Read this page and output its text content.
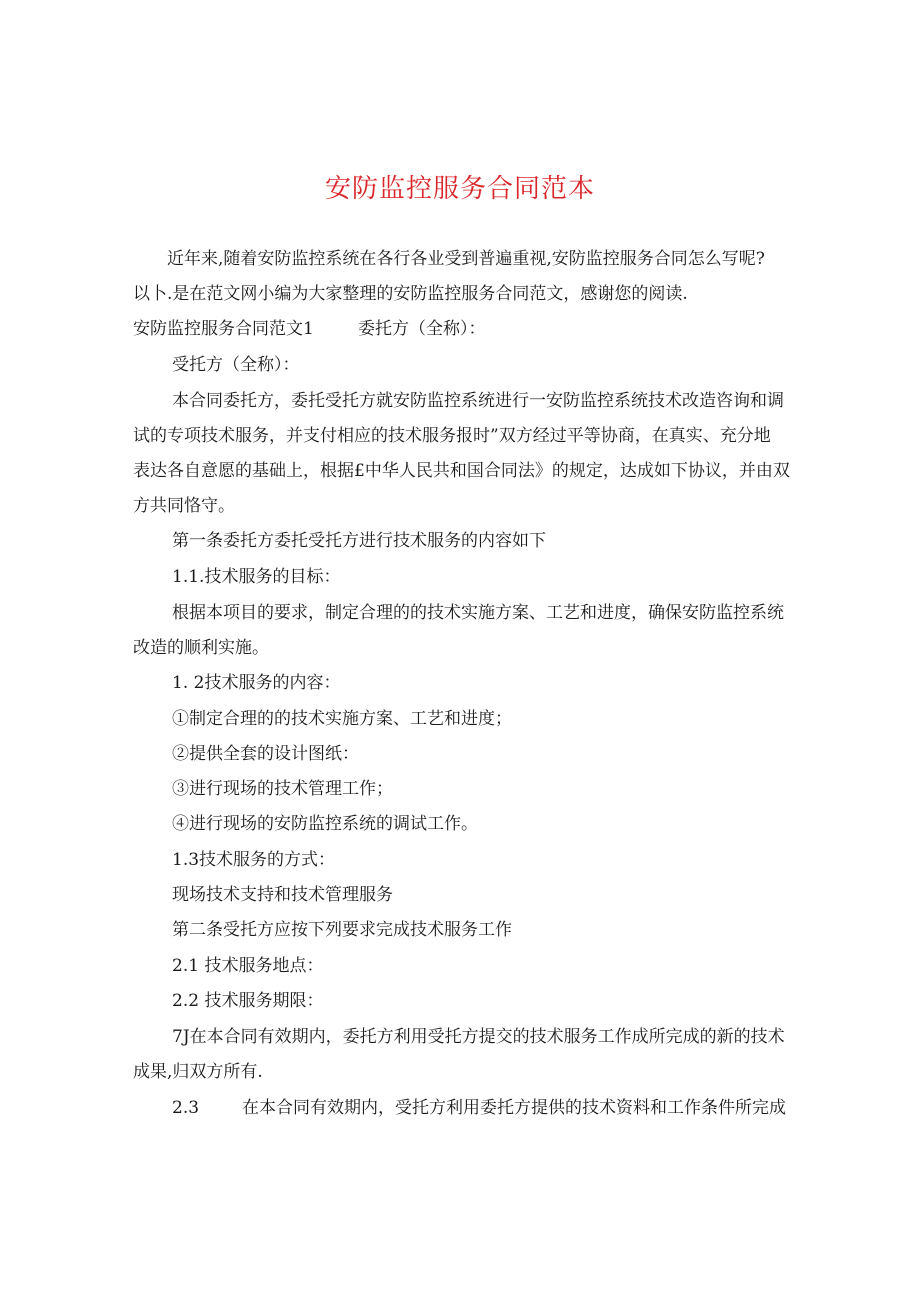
安防监控服务合同范本
近年来,随着安防监控系统在各行各业受到普遍重视,安防监控服务合同怎么写呢?
以卜.是在范文网小编为大家整理的安防监控服务合同范文，感谢您的阅读.
安防监控服务合同范文1	委托方（全称）：
受托方（全称）：
本合同委托方，委托受托方就安防监控系统进行一安防监控系统技术改造咨询和调
试的专项技术服务，并支付相应的技术服务报时”双方经过平等协商，在真实、充分地
表达各自意愿的基础上，根据£中华人民共和国合同法》的规定，达成如下协议，并由双
方共同恪守。
第一条委托方委托受托方进行技术服务的内容如下
1.1.技术服务的目标：
根据本项目的要求，制定合理的的技术实施方案、工艺和进度，确保安防监控系统
改造的顺利实施。
1. 2技术服务的内容：
①制定合理的的技术实施方案、工艺和进度；
②提供全套的设计图纸：
③进行现场的技术管理工作；
④进行现场的安防监控系统的调试工作。
1.3技术服务的方式：
现场技术支持和技术管理服务
第二条受托方应按下列要求完成技术服务工作
2.1 技术服务地点：
2.2 技术服务期限：
7J在本合同有效期内，委托方利用受托方提交的技术服务工作成所完成的新的技术
成果,归双方所有.
2.3	在本合同有效期内，受托方利用委托方提供的技术资料和工作条件所完成
